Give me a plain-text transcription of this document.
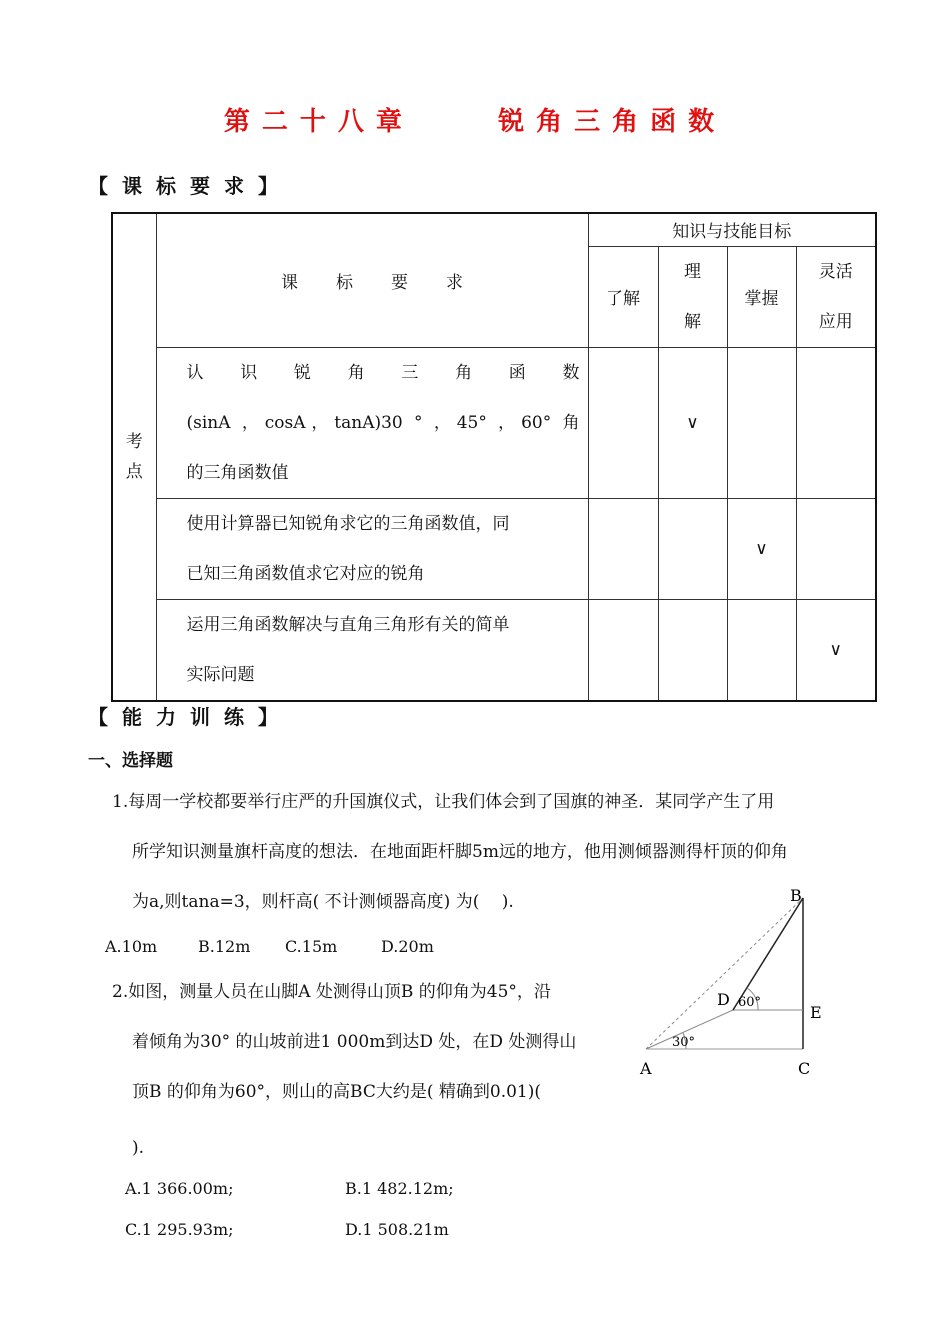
第二十八章    锐角三角函数
【课标要求】
考点	课标要求	知识与技能目标			
		了解	理解	掌握	灵活应用

	认识锐角三角函数
(sinA ，cosA，tanA)30 ° ，45° ，60° 角
的三角函数值		∨		

	使用计算器已知锐角求它的三角函数值，同
已知三角函数值求它对应的锐角			∨	

	运用三角函数解决与直角三角形有关的简单
实际问题				∨
【能力训练】
一、选择题
1.每周一学校都要举行庄严的升国旗仪式，让我们体会到了国旗的神圣．某同学产生了用
所学知识测量旗杆高度的想法．在地面距杆脚5m远的地方，他用测倾器测得杆顶的仰角
为a,则tana=3，则杆高( 不计测倾器高度) 为(　 ).
A.10m	B.12m C.15m	D.20m
2.如图，测量人员在山脚A 处测得山顶B 的仰角为45°，沿
着倾角为30° 的山坡前进1 000m到达D 处，在D 处测得山
顶B 的仰角为60°，则山的高BC大约是( 精确到0.01)(
).
A.1 366.00m;	B.1 482.12m;
C.1 295.93m;	D.1 508.21m
B
D
E
A	C
30°
60°
